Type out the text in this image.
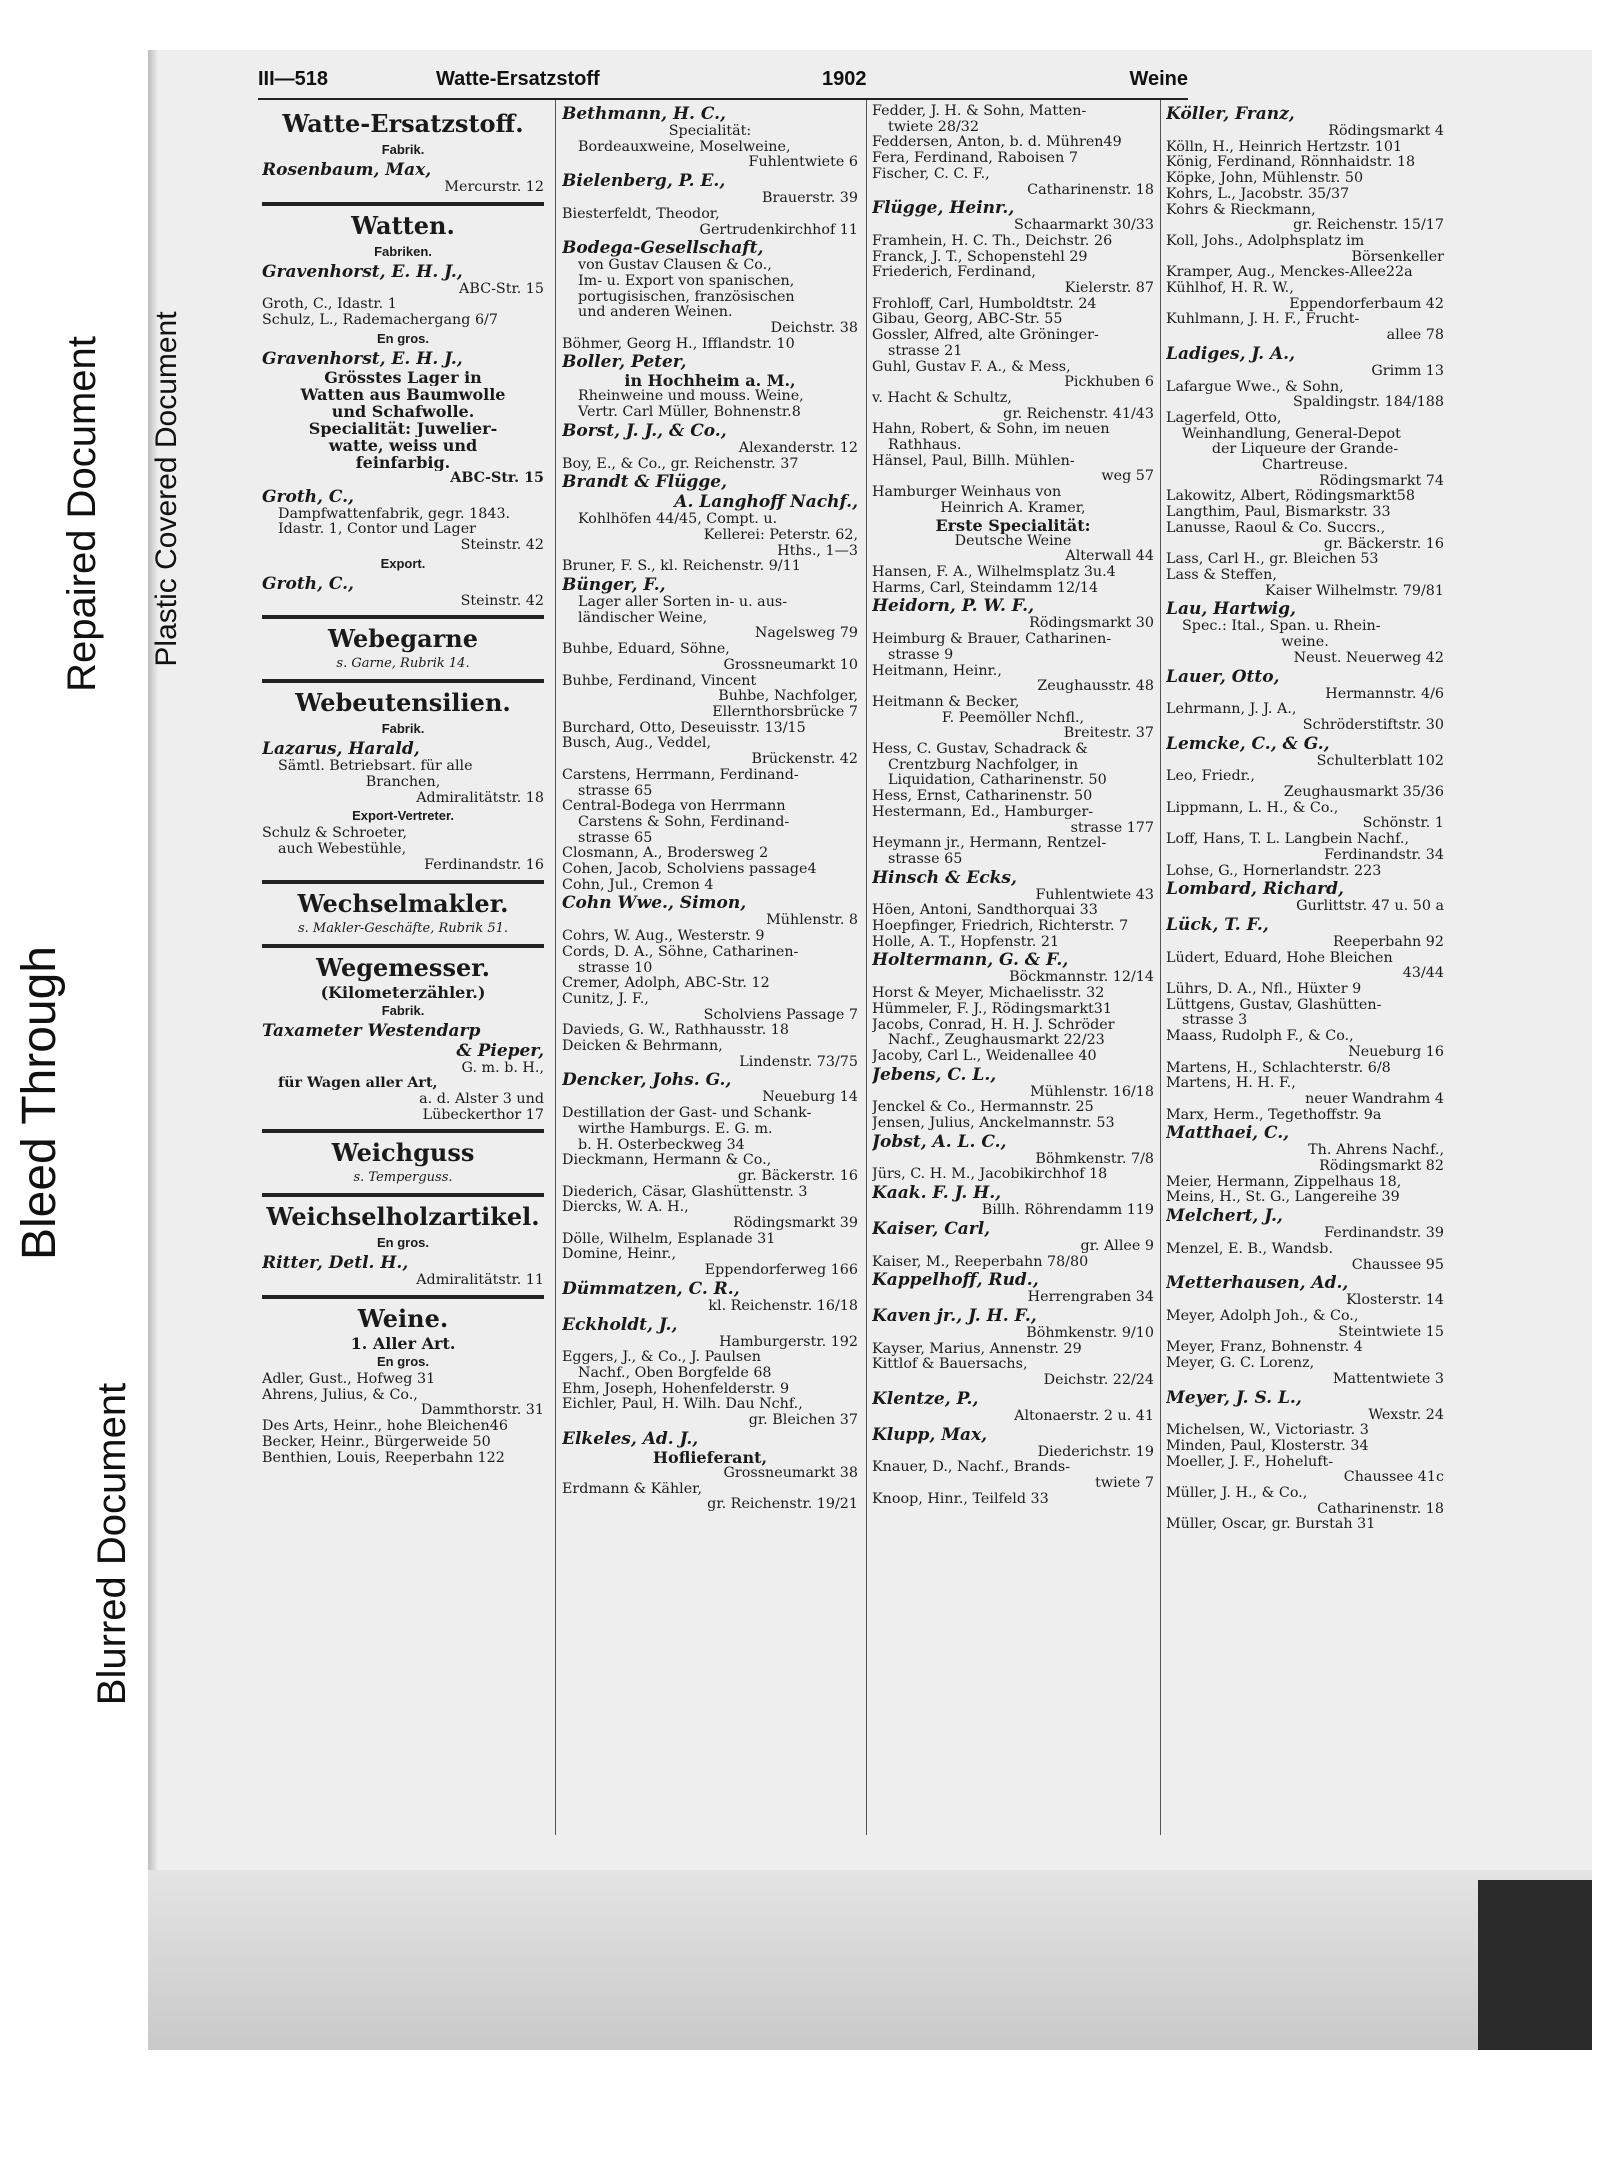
Bleed Through
Repaired Document Plastic Covered Document
Blurred Document
III—518	Watte-Ersatzstoff	1902	Weine
Watte-Ersatzstoff.
Fabrik.
Rosenbaum, Max,
Mercurstr. 12
Watten.
Fabriken.
Gravenhorst, E. H. J.,
ABC-Str. 15
Groth, C., Idastr. 1
Schulz, L., Rademachergang 6/7
En gros.
Gravenhorst, E. H. J.,
Grösstes Lager in
Watten aus Baumwolle
und Schafwolle.
Specialität: Juwelier-
watte, weiss und
feinfarbig.
ABC-Str. 15
Groth, C.,
Dampfwattenfabrik, gegr. 1843.
Idastr. 1, Contor und Lager
Steinstr. 42
Export.
Groth, C.,
Steinstr. 42
Webegarne
s. Garne, Rubrik 14.
Webeutensilien.
Fabrik.
Lazarus, Harald,
Sämtl. Betriebsart. für alle
Branchen,
Admiralitätstr. 18
Export-Vertreter.
Schulz & Schroeter,
auch Webestühle,
Ferdinandstr. 16
Wechselmakler.
s. Makler-Geschäfte, Rubrik 51.
Wegemesser.
(Kilometerzähler.)
Fabrik.
Taxameter Westendarp
& Pieper,
G. m. b. H.,
für Wagen aller Art,
a. d. Alster 3 und
Lübeckerthor 17
Weichguss
s. Temperguss.
Weichselholzartikel.
En gros.
Ritter, Detl. H.,
Admiralitätstr. 11
Weine.
1. Aller Art.
En gros.
Adler, Gust., Hofweg 31
Ahrens, Julius, & Co.,
Dammthorstr. 31
Des Arts, Heinr., hohe Bleichen46
Becker, Heinr., Bürgerweide 50
Benthien, Louis, Reeperbahn 122
Bethmann, H. C.,
Specialität:
Bordeauxweine, Moselweine,
Fuhlentwiete 6
Bielenberg, P. E.,
Brauerstr. 39
Biesterfeldt, Theodor,
Gertrudenkirchhof 11
Bodega-Gesellschaft,
von Gustav Clausen & Co.,
Im- u. Export von spanischen,
portugisischen, französischen
und anderen Weinen.
Deichstr. 38
Böhmer, Georg H., Ifflandstr. 10
Boller, Peter,
in Hochheim a. M.,
Rheinweine und mouss. Weine,
Vertr. Carl Müller, Bohnenstr.8
Borst, J. J., & Co.,
Alexanderstr. 12
Boy, E., & Co., gr. Reichenstr. 37
Brandt & Flügge,
A. Langhoff Nachf.,
Kohlhöfen 44/45, Compt. u.
Kellerei: Peterstr. 62,
Hths., 1—3
Bruner, F. S., kl. Reichenstr. 9/11
Bünger, F.,
Lager aller Sorten in- u. aus-
ländischer Weine,
Nagelsweg 79
Buhbe, Eduard, Söhne,
Grossneumarkt 10
Buhbe, Ferdinand, Vincent
Buhbe, Nachfolger,
Ellernthorsbrücke 7
Burchard, Otto, Deseuisstr. 13/15
Busch, Aug., Veddel,
Brückenstr. 42
Carstens, Herrmann, Ferdinand-
strasse 65
Central-Bodega von Herrmann
Carstens & Sohn, Ferdinand-
strasse 65
Closmann, A., Brodersweg 2
Cohen, Jacob, Scholviens passage4
Cohn, Jul., Cremon 4
Cohn Wwe., Simon,
Mühlenstr. 8
Cohrs, W. Aug., Westerstr. 9
Cords, D. A., Söhne, Catharinen-
strasse 10
Cremer, Adolph, ABC-Str. 12
Cunitz, J. F.,
Scholviens Passage 7
Daviеds, G. W., Rathhausstr. 18
Deicken & Behrmann,
Lindenstr. 73/75
Dencker, Johs. G.,
Neueburg 14
Destillation der Gast- und Schank-
wirthe Hamburgs. E. G. m.
b. H. Osterbeckweg 34
Dieckmann, Hermann & Co.,
gr. Bäckerstr. 16
Diederich, Cäsar, Glashüttenstr. 3
Diercks, W. A. H.,
Rödingsmarkt 39
Dölle, Wilhelm, Esplanade 31
Domine, Heinr.,
Eppendorferweg 166
Dümmatzen, C. R.,
kl. Reichenstr. 16/18
Eckholdt, J.,
Hamburgerstr. 192
Eggers, J., & Co., J. Paulsen
Nachf., Oben Borgfelde 68
Ehm, Joseph, Hohenfelderstr. 9
Eichler, Paul, H. Wilh. Dau Nchf.,
gr. Bleichen 37
Elkeles, Ad. J.,
Hoflieferant,
Grossneumarkt 38
Erdmann & Kähler,
gr. Reichenstr. 19/21
Fedder, J. H. & Sohn, Matten-
twiete 28/32
Feddersen, Anton, b. d. Mühren49
Fera, Ferdinand, Raboisen 7
Fischer, C. C. F.,
Catharinenstr. 18
Flügge, Heinr.,
Schaarmarkt 30/33
Framhein, H. C. Th., Deichstr. 26
Franck, J. T., Schopenstehl 29
Friederich, Ferdinand,
Kielerstr. 87
Frohloff, Carl, Humboldtstr. 24
Gibau, Georg, ABC-Str. 55
Gossler, Alfred, alte Gröninger-
strasse 21
Guhl, Gustav F. A., & Mess,
Pickhuben 6
v. Hacht & Schultz,
gr. Reichenstr. 41/43
Hahn, Robert, & Sohn, im neuen
Rathhaus.
Hänsel, Paul, Billh. Mühlen-
weg 57
Hamburger Weinhaus von
Heinrich A. Kramer,
Erste Specialität:
Deutsche Weine
Alterwall 44
Hansen, F. A., Wilhelmsplatz 3u.4
Harms, Carl, Steindamm 12/14
Heidorn, P. W. F.,
Rödingsmarkt 30
Heimburg & Brauer, Catharinen-
strasse 9
Heitmann, Heinr.,
Zeughausstr. 48
Heitmann & Becker,
F. Peemöller Nchfl.,
Breitestr. 37
Hess, C. Gustav, Schadrack &
Crentzburg Nachfolger, in
Liquidation, Catharinenstr. 50
Hess, Ernst, Catharinenstr. 50
Hestermann, Ed., Hamburger-
strasse 177
Heymann jr., Hermann, Rentzel-
strasse 65
Hinsch & Ecks,
Fuhlentwiete 43
Höen, Antoni, Sandthorquai 33
Hoepfinger, Friedrich, Richterstr. 7
Holle, A. T., Hopfenstr. 21
Holtermann, G. & F.,
Böckmannstr. 12/14
Horst & Meyer, Michaelisstr. 32
Hümmeler, F. J., Rödingsmarkt31
Jacobs, Conrad, H. H. J. Schröder
Nachf., Zeughausmarkt 22/23
Jacoby, Carl L., Weidenallee 40
Jebens, C. L.,
Mühlenstr. 16/18
Jenckel & Co., Hermannstr. 25
Jensen, Julius, Anckelmannstr. 53
Jobst, A. L. C.,
Böhmkenstr. 7/8
Jürs, C. H. M., Jacobikirchhof 18
Kaak. F. J. H.,
Billh. Röhrendamm 119
Kaiser, Carl,
gr. Allee 9
Kaiser, M., Reeperbahn 78/80
Kappelhoff, Rud.,
Herrengraben 34
Kaven jr., J. H. F.,
Böhmkenstr. 9/10
Kayser, Marius, Annenstr. 29
Kittlof & Bauersachs,
Deichstr. 22/24
Klentze, P.,
Altonaerstr. 2 u. 41
Klupp, Max,
Diederichstr. 19
Knauer, D., Nachf., Brands-
twiete 7
Knoop, Hinr., Teilfeld 33
Köller, Franz,
Rödingsmarkt 4
Kölln, H., Heinrich Hertzstr. 101
König, Ferdinand, Rönnhaidstr. 18
Köpke, John, Mühlenstr. 50
Kohrs, L., Jacobstr. 35/37
Kohrs & Rieckmann,
gr. Reichenstr. 15/17
Koll, Johs., Adolphsplatz im
Börsenkeller
Kramper, Aug., Menckes-Allee22a
Kühlhof, H. R. W.,
Eppendorferbaum 42
Kuhlmann, J. H. F., Frucht-
allee 78
Ladiges, J. A.,
Grimm 13
Lafargue Wwe., & Sohn,
Spaldingstr. 184/188
Lagerfeld, Otto,
Weinhandlung, General-Depot
der Liqueure der Grande-
Chartreuse.
Rödingsmarkt 74
Lakowitz, Albert, Rödingsmarkt58
Langthim, Paul, Bismarkstr. 33
Lanusse, Raoul & Co. Succrs.,
gr. Bäckerstr. 16
Lass, Carl H., gr. Bleichen 53
Lass & Steffen,
Kaiser Wilhelmstr. 79/81
Lau, Hartwig,
Spec.: Ital., Span. u. Rhein-
weine.
Neust. Neuerweg 42
Lauer, Otto,
Hermannstr. 4/6
Lehrmann, J. J. A.,
Schröderstiftstr. 30
Lemcke, C., & G.,
Schulterblatt 102
Leo, Friedr.,
Zeughausmarkt 35/36
Lippmann, L. H., & Co.,
Schönstr. 1
Loff, Hans, T. L. Langbein Nachf.,
Ferdinandstr. 34
Lohse, G., Hornerlandstr. 223
Lombard, Richard,
Gurlittstr. 47 u. 50 a
Lück, T. F.,
Reeperbahn 92
Lüdert, Eduard, Hohe Bleichen
43/44
Lührs, D. A., Nfl., Hüxter 9
Lüttgens, Gustav, Glashütten-
strasse 3
Maass, Rudolph F., & Co.,
Neueburg 16
Martens, H., Schlachterstr. 6/8
Martens, H. H. F.,
neuer Wandrahm 4
Marx, Herm., Tegethoffstr. 9a
Matthaei, C.,
Th. Ahrens Nachf.,
Rödingsmarkt 82
Meier, Hermann, Zippelhaus 18,
Meins, H., St. G., Langereihe 39
Melchert, J.,
Ferdinandstr. 39
Menzel, E. B., Wandsb.
Chaussee 95
Metterhausen, Ad.,
Klosterstr. 14
Meyer, Adolph Joh., & Co.,
Steintwiete 15
Meyer, Franz, Bohnenstr. 4
Meyer, G. C. Lorenz,
Mattentwiete 3
Meyer, J. S. L.,
Wexstr. 24
Michelsen, W., Victoriastr. 3
Minden, Paul, Klosterstr. 34
Moeller, J. F., Hoheluft-
Chaussee 41c
Müller, J. H., & Co.,
Catharinenstr. 18
Müller, Oscar, gr. Burstah 31
